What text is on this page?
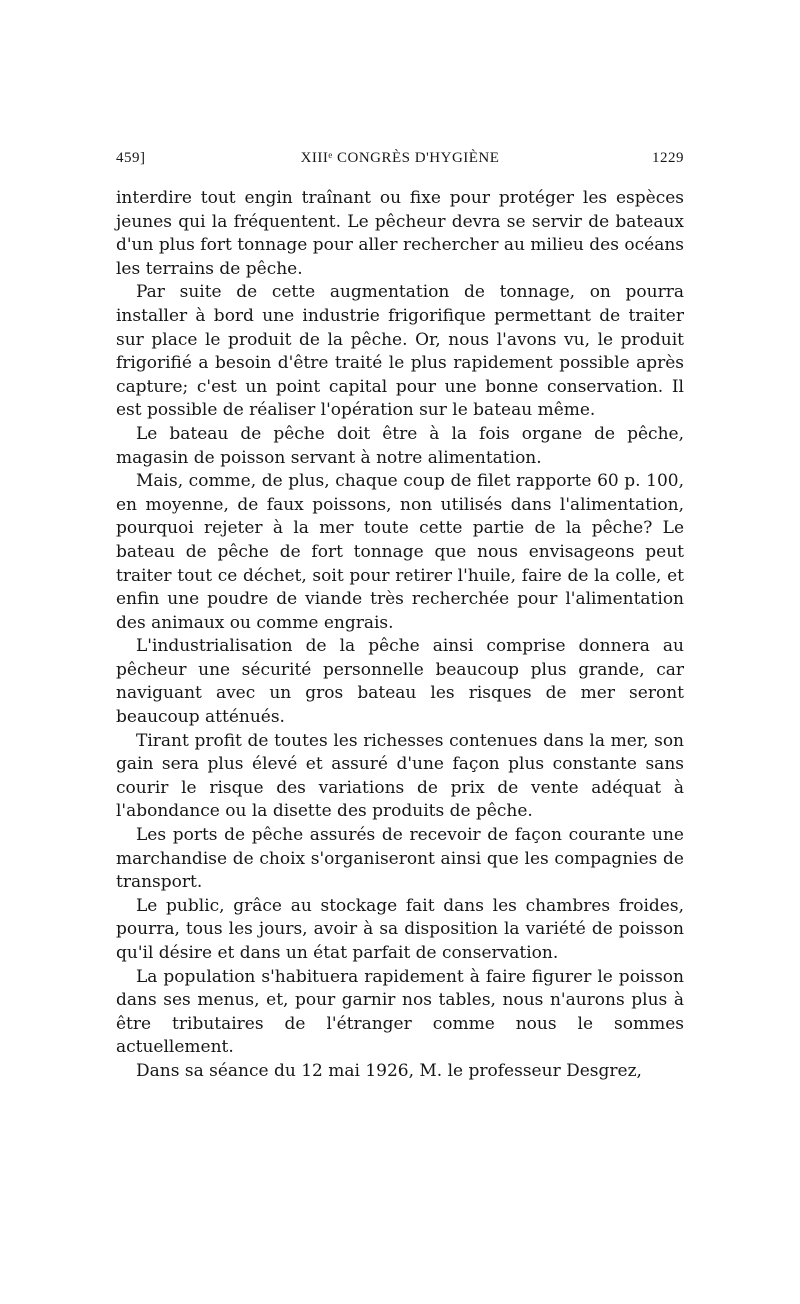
459]	XIIIᵉ CONGRÈS D'HYGIÈNE	1229

interdire tout engin traînant ou fixe pour protéger les espèces jeunes qui la fréquentent. Le pêcheur devra se servir de bateaux d'un plus fort tonnage pour aller rechercher au milieu des océans les terrains de pêche.

Par suite de cette augmentation de tonnage, on pourra installer à bord une industrie frigorifique permettant de traiter sur place le produit de la pêche. Or, nous l'avons vu, le produit frigorifié a besoin d'être traité le plus rapidement possible après capture; c'est un point capital pour une bonne conservation. Il est possible de réaliser l'opération sur le bateau même.

Le bateau de pêche doit être à la fois organe de pêche, magasin de poisson servant à notre alimentation.

Mais, comme, de plus, chaque coup de filet rapporte 60 p. 100, en moyenne, de faux poissons, non utilisés dans l'alimentation, pourquoi rejeter à la mer toute cette partie de la pêche? Le bateau de pêche de fort tonnage que nous envisageons peut traiter tout ce déchet, soit pour retirer l'huile, faire de la colle, et enfin une poudre de viande très recherchée pour l'alimentation des animaux ou comme engrais.

L'industrialisation de la pêche ainsi comprise donnera au pêcheur une sécurité personnelle beaucoup plus grande, car naviguant avec un gros bateau les risques de mer seront beaucoup atténués.

Tirant profit de toutes les richesses contenues dans la mer, son gain sera plus élevé et assuré d'une façon plus constante sans courir le risque des variations de prix de vente adéquat à l'abondance ou la disette des produits de pêche.

Les ports de pêche assurés de recevoir de façon courante une marchandise de choix s'organiseront ainsi que les compagnies de transport.

Le public, grâce au stockage fait dans les chambres froides, pourra, tous les jours, avoir à sa disposition la variété de poisson qu'il désire et dans un état parfait de conservation.

La population s'habituera rapidement à faire figurer le poisson dans ses menus, et, pour garnir nos tables, nous n'aurons plus à être tributaires de l'étranger comme nous le sommes actuellement.

Dans sa séance du 12 mai 1926, M. le professeur Desgrez,
